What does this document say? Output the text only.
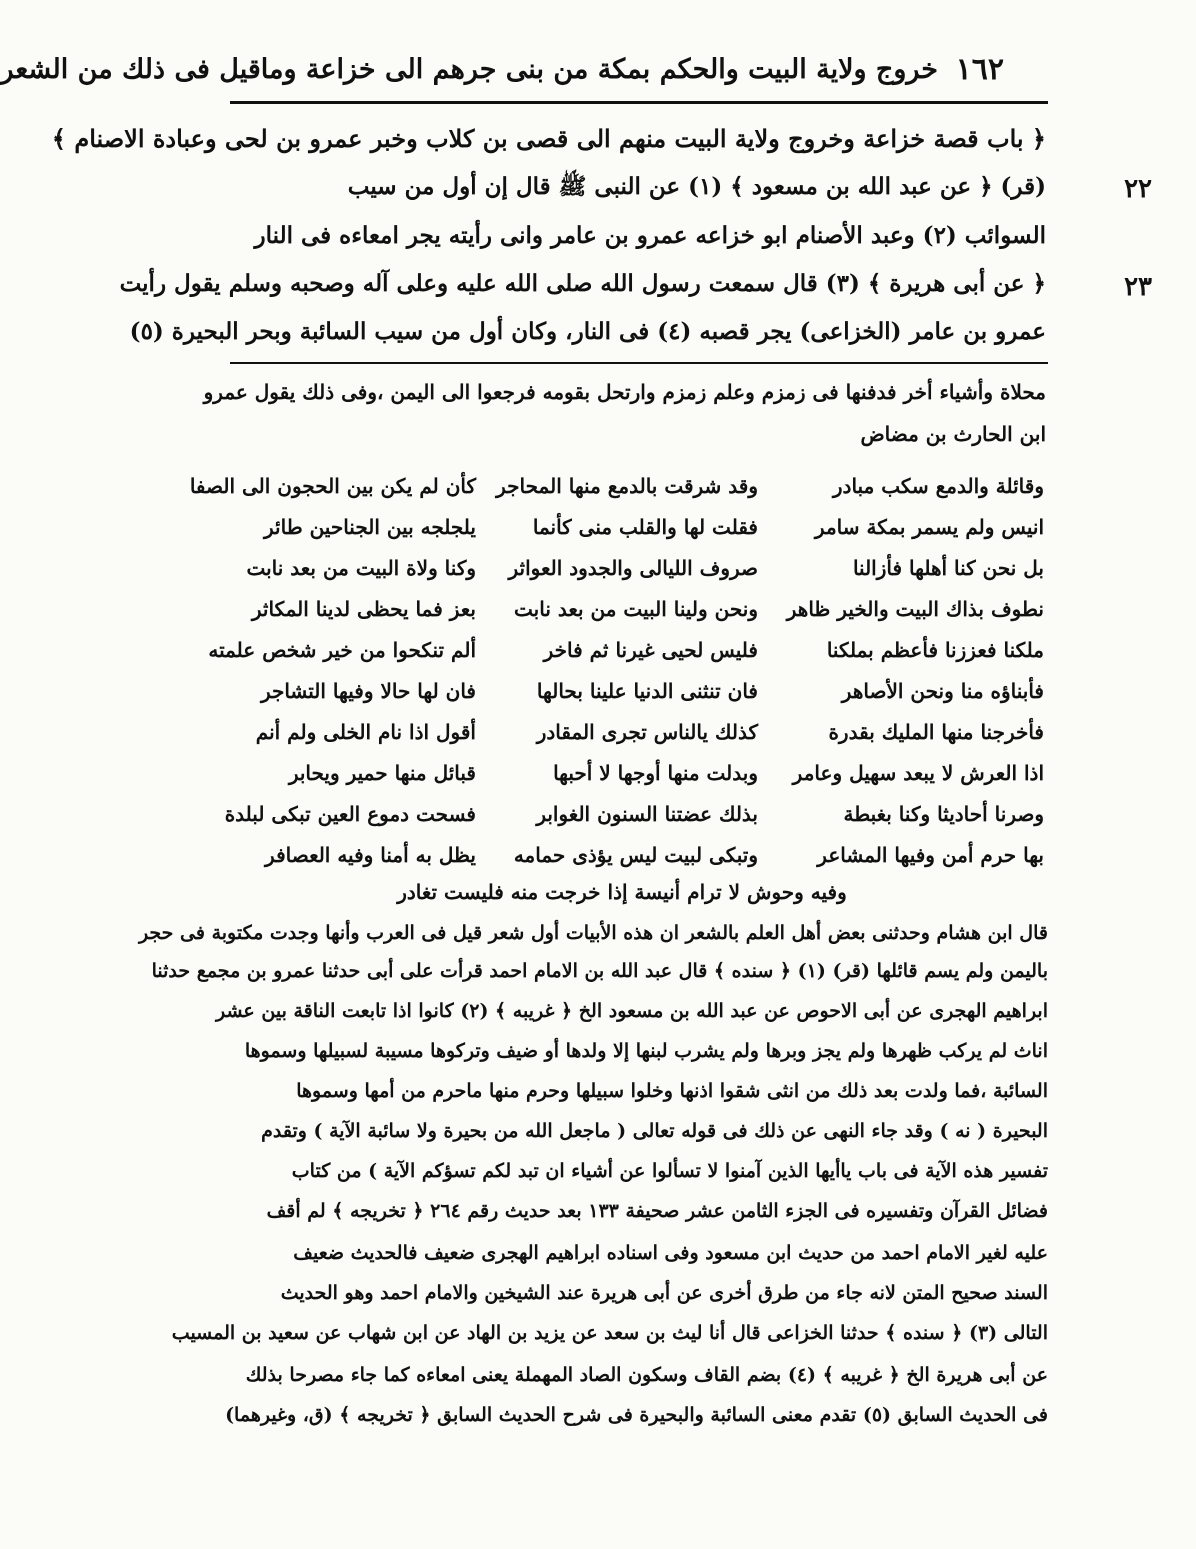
١٦٢
خروج ولاية البيت والحكم بمكة من بنى جرهم الى خزاعة وماقيل فى ذلك من الشعر
﴿ باب قصة خزاعة وخروج ولاية البيت منهم الى قصى بن كلاب وخبر عمرو بن لحى وعبادة الاصنام ﴾
٢٢
(قر) ﴿ عن عبد الله بن مسعود ﴾ (١) عن النبى ﷺ قال إن أول من سيب
السوائب (٢) وعبد الأصنام ابو خزاعه عمرو بن عامر وانى رأيته يجر امعاءه فى النار
٢٣
﴿ عن أبى هريرة ﴾ (٣) قال سمعت رسول الله صلى الله عليه وعلى آله وصحبه وسلم يقول رأيت
عمرو بن عامر (الخزاعى) يجر قصبه (٤) فى النار، وكان أول من سيب السائبة وبحر البحيرة (٥)
محلاة وأشياء أخر فدفنها فى زمزم وعلم زمزم وارتحل بقومه فرجعوا الى اليمن ،وفى ذلك يقول عمرو
ابن الحارث بن مضاض
وقائلة والدمع سكب مبادر
انيس ولم يسمر بمكة سامر
بل نحن كنا أهلها فأزالنا
نطوف بذاك البيت والخير ظاهر
ملكنا فعززنا فأعظم بملكنا
فأبناؤه منا ونحن الأصاهر
فأخرجنا منها المليك بقدرة
اذا العرش لا يبعد سهيل وعامر
وصرنا أحاديثا وكنا بغبطة
بها حرم أمن وفيها المشاعر
وقد شرقت بالدمع منها المحاجر
فقلت لها والقلب منى كأنما
صروف الليالى والجدود العواثر
ونحن ولينا البيت من بعد نابت
فليس لحيى غيرنا ثم فاخر
فان تنثنى الدنيا علينا بحالها
كذلك يالناس تجرى المقادر
وبدلت منها أوجها لا أحبها
بذلك عضتنا السنون الغوابر
وتبكى لبيت ليس يؤذى حمامه
كأن لم يكن بين الحجون الى الصفا
يلجلجه بين الجناحين طائر
وكنا ولاة البيت من بعد نابت
بعز فما يحظى لدينا المكاثر
ألم تنكحوا من خير شخص علمته
فان لها حالا وفيها التشاجر
أقول اذا نام الخلى ولم أنم
قبائل منها حمير ويحابر
فسحت دموع العين تبكى لبلدة
يظل به أمنا وفيه العصافر
وفيه وحوش لا ترام أنيسة إذا خرجت منه فليست تغادر
قال ابن هشام وحدثنى بعض أهل العلم بالشعر ان هذه الأبيات أول شعر قيل فى العرب وأنها وجدت مكتوبة فى حجر
باليمن ولم يسم قائلها (قر) (١) ﴿ سنده ﴾ قال عبد الله بن الامام احمد قرأت على أبى حدثنا عمرو بن مجمع حدثنا
ابراهيم الهجرى عن أبى الاحوص عن عبد الله بن مسعود الخ ﴿ غريبه ﴾ (٢) كانوا اذا تابعت الناقة بين عشر
اناث لم يركب ظهرها ولم يجز وبرها ولم يشرب لبنها إلا ولدها أو ضيف وتركوها مسيبة لسبيلها وسموها
السائبة ،فما ولدت بعد ذلك من انثى شقوا اذنها وخلوا سبيلها وحرم منها ماحرم من أمها وسموها
البحيرة ( نه ) وقد جاء النهى عن ذلك فى قوله تعالى ( ماجعل الله من بحيرة ولا سائبة الآية ) وتقدم
تفسير هذه الآية فى باب ياأيها الذين آمنوا لا تسألوا عن أشياء ان تبد لكم تسؤكم الآية ) من كتاب
فضائل القرآن وتفسيره فى الجزء الثامن عشر صحيفة ١٣٣ بعد حديث رقم ٢٦٤ ﴿ تخريجه ﴾ لم أقف
عليه لغير الامام احمد من حديث ابن مسعود وفى اسناده ابراهيم الهجرى ضعيف فالحديث ضعيف
السند صحيح المتن لانه جاء من طرق أخرى عن أبى هريرة عند الشيخين والامام احمد وهو الحديث
التالى (٣) ﴿ سنده ﴾ حدثنا الخزاعى قال أنا ليث بن سعد عن يزيد بن الهاد عن ابن شهاب عن سعيد بن المسيب
عن أبى هريرة الخ ﴿ غريبه ﴾ (٤) بضم القاف وسكون الصاد المهملة يعنى امعاءه كما جاء مصرحا بذلك
فى الحديث السابق (٥) تقدم معنى السائبة والبحيرة فى شرح الحديث السابق ﴿ تخريجه ﴾ (ق، وغيرهما)
